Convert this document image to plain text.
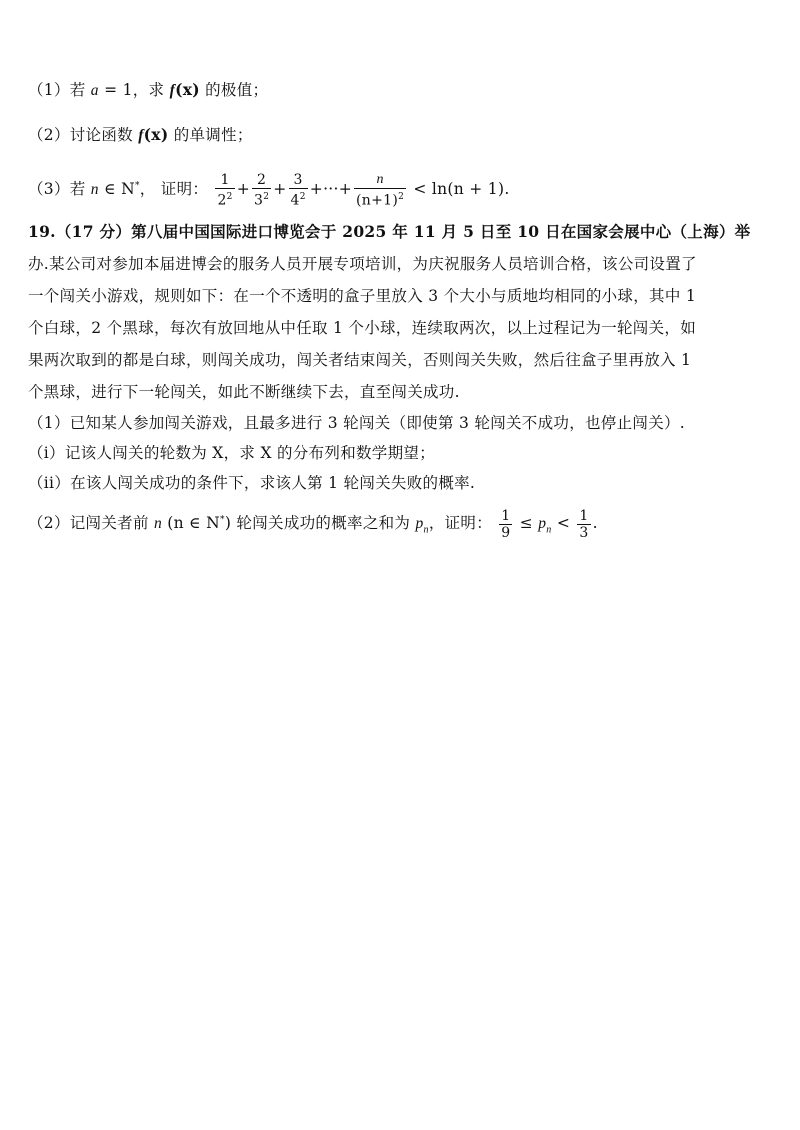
（1）若 a = 1，求 f(x) 的极值；
（2）讨论函数 f(x) 的单调性；
（3）若 n ∈ N*， 证明： $\frac{1}{2^2} + \frac{2}{3^2} + \frac{3}{4^2}$ +···+ $\frac{n}{(n+1)^2} < \ln(n + 1)$.
19.（17 分）第八届中国国际进口博览会于 2025 年 11 月 5 日至 10 日在国家会展中心（上海）举
办.某公司对参加本届进博会的服务人员开展专项培训，为庆祝服务人员培训合格，该公司设置了
一个闯关小游戏，规则如下：在一个不透明的盒子里放入 3 个大小与质地均相同的小球，其中 1
个白球，2 个黑球，每次有放回地从中任取 1 个小球，连续取两次，以上过程记为一轮闯关，如
果两次取到的都是白球，则闯关成功，闯关者结束闯关，否则闯关失败，然后往盒子里再放入 1
个黑球，进行下一轮闯关，如此不断继续下去，直至闯关成功.
（1）已知某人参加闯关游戏，且最多进行 3 轮闯关（即使第 3 轮闯关不成功，也停止闯关）.
（i）记该人闯关的轮数为 X，求 X 的分布列和数学期望；
（ii）在该人闯关成功的条件下，求该人第 1 轮闯关失败的概率.
（2）记闯关者前 n (n ∈ N*) 轮闯关成功的概率之和为 $p_n$，证明： $\frac{1}{9} \le p_n < \frac{1}{3}$ .
